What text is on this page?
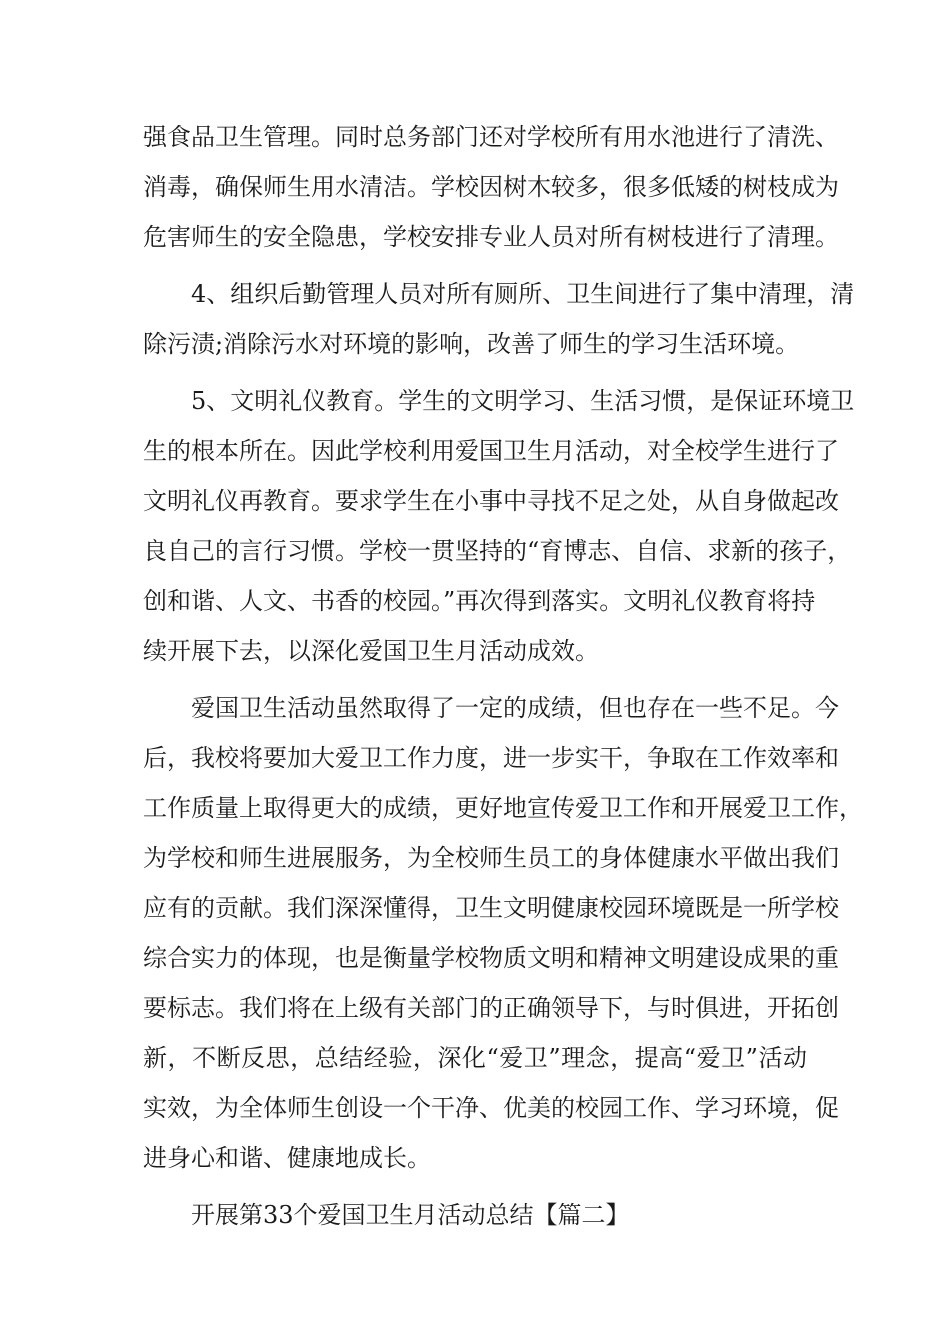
强食品卫生管理。同时总务部门还对学校所有用水池进行了清洗、
消毒，确保师生用水清洁。学校因树木较多，很多低矮的树枝成为
危害师生的安全隐患，学校安排专业人员对所有树枝进行了清理。
4、组织后勤管理人员对所有厕所、卫生间进行了集中清理，清
除污渍;消除污水对环境的影响，改善了师生的学习生活环境。
5、文明礼仪教育。学生的文明学习、生活习惯，是保证环境卫
生的根本所在。因此学校利用爱国卫生月活动，对全校学生进行了
文明礼仪再教育。要求学生在小事中寻找不足之处，从自身做起改
良自己的言行习惯。学校一贯坚持的“育博志、自信、求新的孩子，
创和谐、人文、书香的校园。”再次得到落实。文明礼仪教育将持
续开展下去，以深化爱国卫生月活动成效。
爱国卫生活动虽然取得了一定的成绩，但也存在一些不足。今
后，我校将要加大爱卫工作力度，进一步实干，争取在工作效率和
工作质量上取得更大的成绩，更好地宣传爱卫工作和开展爱卫工作，
为学校和师生进展服务，为全校师生员工的身体健康水平做出我们
应有的贡献。我们深深懂得，卫生文明健康校园环境既是一所学校
综合实力的体现，也是衡量学校物质文明和精神文明建设成果的重
要标志。我们将在上级有关部门的正确领导下，与时俱进，开拓创
新，不断反思，总结经验，深化“爱卫”理念，提高“爱卫”活动
实效，为全体师生创设一个干净、优美的校园工作、学习环境，促
进身心和谐、健康地成长。
开展第33个爱国卫生月活动总结【篇二】
